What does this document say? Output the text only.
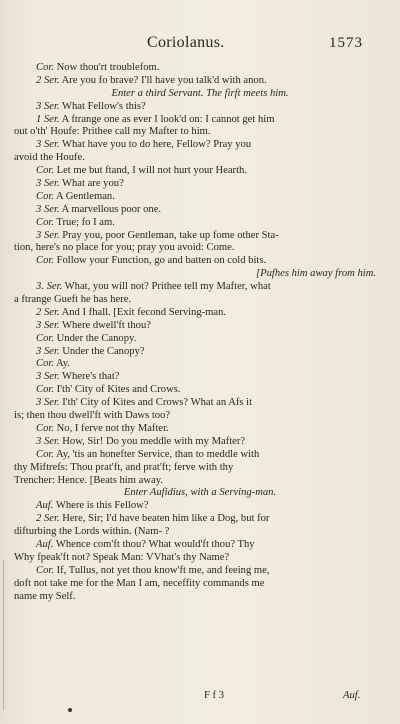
Coriolanus.	1573
Cor. Now thou'rt troublefom.
2 Ser. Are you fo brave? I'll have you talk'd with anon.
Enter a third Servant. The firft meets him.
3 Ser. What Fellow's this?
1 Ser. A ftrange one as ever I look'd on: I cannot get him
out o'th' Houfe: Prithee call my Mafter to him.
3 Ser. What have you to do here, Fellow? Pray you
avoid the Houfe.
Cor. Let me but ftand, I will not hurt your Hearth.
3 Ser. What are you?
Cor. A Gentleman.
3 Ser. A marvellous poor one.
Cor. True; fo I am.
3 Ser. Pray you, poor Gentleman, take up fome other Sta-
tion, here's no place for you; pray you avoid: Come.
Cor. Follow your Function, go and batten on cold bits.
[Pufhes him away from him.
3. Ser. What, you will not? Prithee tell my Mafter, what
a ftrange Gueft he has here.
2 Ser. And I fhall. [Exit fecond Serving-man.
3 Ser. Where dwell'ft thou?
Cor. Under the Canopy.
3 Ser. Under the Canopy?
Cor. Ay.
3 Ser. Where's that?
Cor. I'th' City of Kites and Crows.
3 Ser. I'th' City of Kites and Crows? What an Afs it
is; then thou dwell'ft with Daws too?
Cor. No, I ferve not thy Mafter.
3 Ser. How, Sir! Do you meddle with my Mafter?
Cor. Ay, 'tis an honefter Service, than to meddle with
thy Miftrefs: Thou prat'ft, and prat'ft; ferve with thy
Trencher: Hence. [Beats him away.
Enter Aufidius, with a Serving-man.
Auf. Where is this Fellow?
2 Ser. Here, Sir; I'd have beaten him like a Dog, but for
difturbing the Lords within. (Nam- ?
Auf. Whence com'ft thou? What would'ft thou? Thy
Why fpeak'ft not? Speak Man: VVhat's thy Name?
Cor. If, Tullus, not yet thou know'ft me, and feeing me,
doft not take me for the Man I am, neceffity commands me
name my Self.
F f 3	Auf.
